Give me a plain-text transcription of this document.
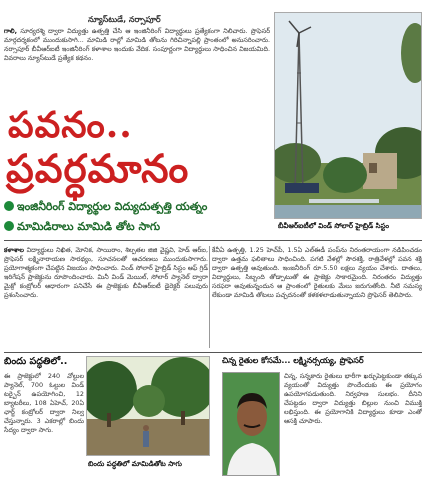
న్యూస్‌టుడే, నర్సాపూర్
గాలి, సూర్యరశ్మి ద్వారా విద్యుత్తు ఉత్పత్తి చేసి ఆ ఇంజినీరింగ్ విద్యార్థులు ప్రత్యేకంగా నిలిచారు. ప్రొఫెసర్ మార్గదర్శకంలో ముందుకుసాగి... మామిడి రాల్లో మామిడి తోటను గిరిచిన్నాపల్లి ప్రాంతంలో అనుసరించారు. నర్సాపూర్ బీవీఆర్ఐటీ ఇంజినీరింగ్ కళాశాల ఇందుకు వేదిక. సంపూర్ణంగా విద్యార్థులు సాధించిన విజయమిది. వివరాలు న్యూస్‌టుడే ప్రత్యేక కథనం.
బీవీఆర్ఐటీలో విండ్ సోలార్ హైబ్రిడ్ సిస్టం
పవనం..
ప్రవర్ధమానం
ఇంజినీరింగ్ విద్యార్థుల విద్యుదుత్పత్తి యత్నం
మామిడిరాలు మామిడి తోట సాగు
కళాశాల విద్యార్థులు నిఖిత, మోనిక, సాయిరాం, శిల్పతల జిజి వైష్ణవి, హెడ్ ఆర్ఐ, ప్రొఫెసర్ లక్ష్మినారాయణ సారథ్యం, సూచనలతో ఆచరణలు ముందుకుసాగారు. ప్రయోగాత్మకంగా చేపట్టిన విజయం సాధించారు. విండ్ సోలార్ హైబ్రిడ్ సిస్టం ఆఫ్ గ్రిడ్ ఇరిగేషన్ ప్రాజెక్టును రూపొందించారు. మినీ విండ్ మెయిల్, సోలార్ ప్యానెల్ ద్వారా మైక్రో కంట్రోలర్ ఆధారంగా పనిచేసే ఈ ప్రాజెక్టుకు బీవీఆర్ఐటీ డైరెక్టర్ పలువురు ప్రశంసించారు.
కేవీఏ ఉత్పత్తి, 1.25 హెచ్‌పీ, 1.5ఏ ఎల్‌ఈడీ పంప్‌ను నిరంతరాయంగా నడిపించడం ద్వారా ఉత్తమ ఫలితాలు సాధించింది. పగటి వేళల్లో సౌరశక్తి, రాత్రివేళల్లో పవన శక్తి ద్వారా ఉత్పత్తి అవుతుంది. ఇంజనీరింగ్ రూ.5.50 లక్షలు వ్యయం చేశారు. దాతలు, విద్యార్థులు, సిబ్బంది తోడ్పాటుతో ఈ ప్రాజెక్టు సాకారమైంది. నిరంతరం విద్యుత్తు సరఫరా అవుతున్నందున ఆ ప్రాంతంలో రైతులకు మేలు జరుగుతోంది. నీటి సమస్య లేకుండా మామిడి తోటలు పచ్చదనంతో కళకళలాడుతున్నాయని ప్రొఫెసర్ తెలిపారు.
బిందు పద్ధతిలో..
ఈ ప్రాజెక్టులో 240 వోల్టుల ప్యానెల్, 700 ఓల్టుల విండ్ టర్బైన్ ఉపయోగించి, 12 బ్యాటరీలు, 108 ఏహెచ్, 20ఏ ఛార్జ్ కంట్రోలర్ ద్వారా నిల్వ చేస్తున్నారు. 3 ఎకరాల్లో బిందు సేద్యం ద్వారా సాగు.
బిందు పద్ధతిలో మామిడితోట సాగు
చిన్న రైతుల కోసమే... లక్ష్మినర్సయ్య, ప్రొఫెసర్
చిన్న, సన్నకారు రైతులు భారీగా ఖర్చుపెట్టకుండా తక్కువ వ్యయంతో విద్యుత్తు పొందేందుకు ఈ ప్రయోగం ఉపయోగపడుతుంది. నిర్వహణ సులభం. దీనిని చేపట్టడం ద్వారా విద్యుత్తు బిల్లుల నుంచి విముక్తి లభిస్తుంది. ఈ ప్రయోగానికి విద్యార్థులు కూడా ఎంతో ఆసక్తి చూపారు.
